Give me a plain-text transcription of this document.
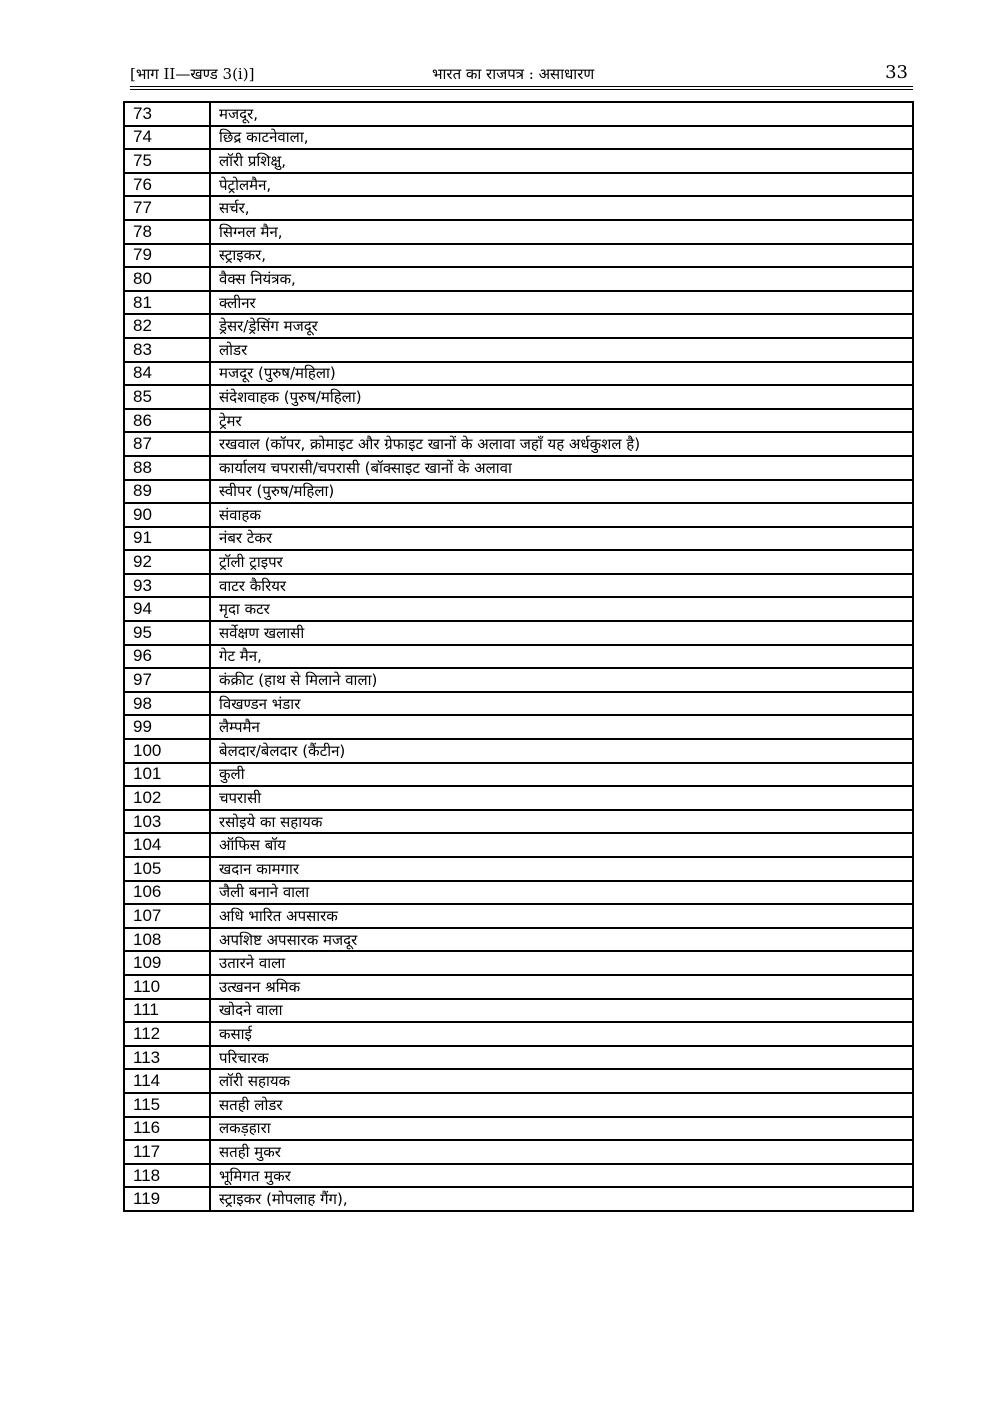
[भाग II—खण्ड 3(i)]	भारत का राजपत्र : असाधारण	33
73	मजदूर,
74	छिद्र काटनेवाला,
75	लॉरी प्रशिक्षु,
76	पेट्रोलमैन,
77	सर्चर,
78	सिग्नल मैन,
79	स्ट्राइकर,
80	वैक्स नियंत्रक,
81	क्लीनर
82	ड्रेसर/ड्रेसिंग मजदूर
83	लोडर
84	मजदूर (पुरुष/महिला)
85	संदेशवाहक (पुरुष/महिला)
86	ट्रेमर
87	रखवाल (कॉपर, क्रोमाइट और ग्रेफाइट खानों के अलावा जहाँ यह अर्धकुशल है)
88	कार्यालय चपरासी/चपरासी (बॉक्साइट खानों के अलावा
89	स्वीपर (पुरुष/महिला)
90	संवाहक
91	नंबर टेकर
92	ट्रॉली ट्राइपर
93	वाटर कैरियर
94	मृदा कटर
95	सर्वेक्षण खलासी
96	गेट मैन,
97	कंक्रीट (हाथ से मिलाने वाला)
98	विखण्डन भंडार
99	लैम्पमैन
100	बेलदार/बेलदार (कैंटीन)
101	कुली
102	चपरासी
103	रसोइये का सहायक
104	ऑफिस बॉय
105	खदान कामगार
106	जैली बनाने वाला
107	अधि भारित अपसारक
108	अपशिष्ट अपसारक मजदूर
109	उतारने वाला
110	उत्खनन श्रमिक
111	खोदने वाला
112	कसाई
113	परिचारक
114	लॉरी सहायक
115	सतही लोडर
116	लकड़हारा
117	सतही मुकर
118	भूमिगत मुकर
119	स्ट्राइकर (मोपलाह गैंग),
